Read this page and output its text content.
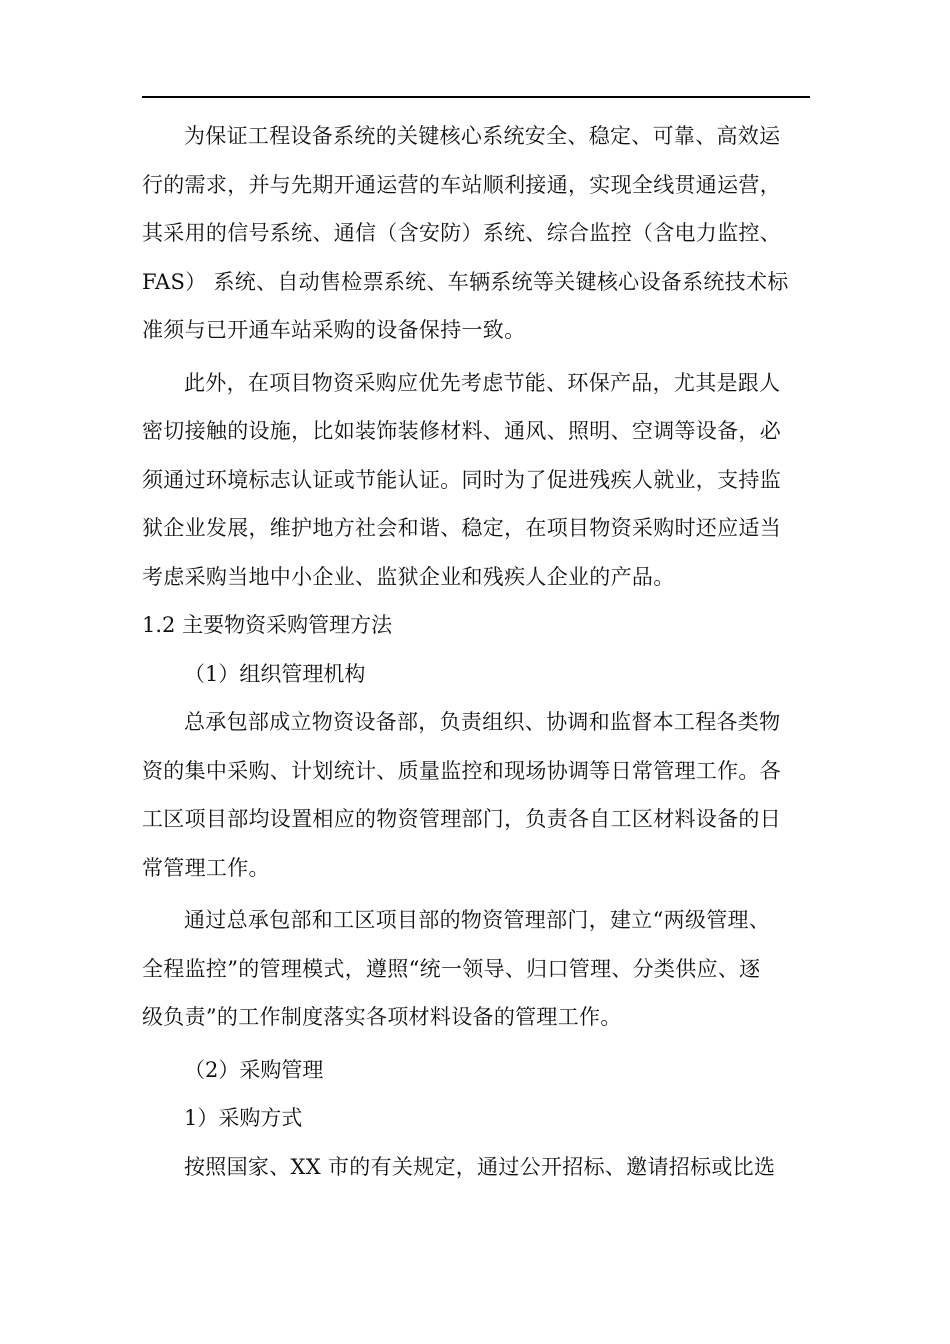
为保证工程设备系统的关键核心系统安全、稳定、可靠、高效运
行的需求，并与先期开通运营的车站顺利接通，实现全线贯通运营，
其采用的信号系统、通信（含安防）系统、综合监控（含电力监控、
FAS） 系统、自动售检票系统、车辆系统等关键核心设备系统技术标
准须与已开通车站采购的设备保持一致。

此外，在项目物资采购应优先考虑节能、环保产品，尤其是跟人
密切接触的设施，比如装饰装修材料、通风、照明、空调等设备，必
须通过环境标志认证或节能认证。同时为了促进残疾人就业，支持监
狱企业发展，维护地方社会和谐、稳定，在项目物资采购时还应适当
考虑采购当地中小企业、监狱企业和残疾人企业的产品。

1.2 主要物资采购管理方法

（1）组织管理机构

总承包部成立物资设备部，负责组织、协调和监督本工程各类物
资的集中采购、计划统计、质量监控和现场协调等日常管理工作。各
工区项目部均设置相应的物资管理部门，负责各自工区材料设备的日
常管理工作。

通过总承包部和工区项目部的物资管理部门，建立“两级管理、
全程监控”的管理模式，遵照“统一领导、归口管理、分类供应、逐
级负责”的工作制度落实各项材料设备的管理工作。

（2）采购管理

1）采购方式

按照国家、XX 市的有关规定，通过公开招标、邀请招标或比选
